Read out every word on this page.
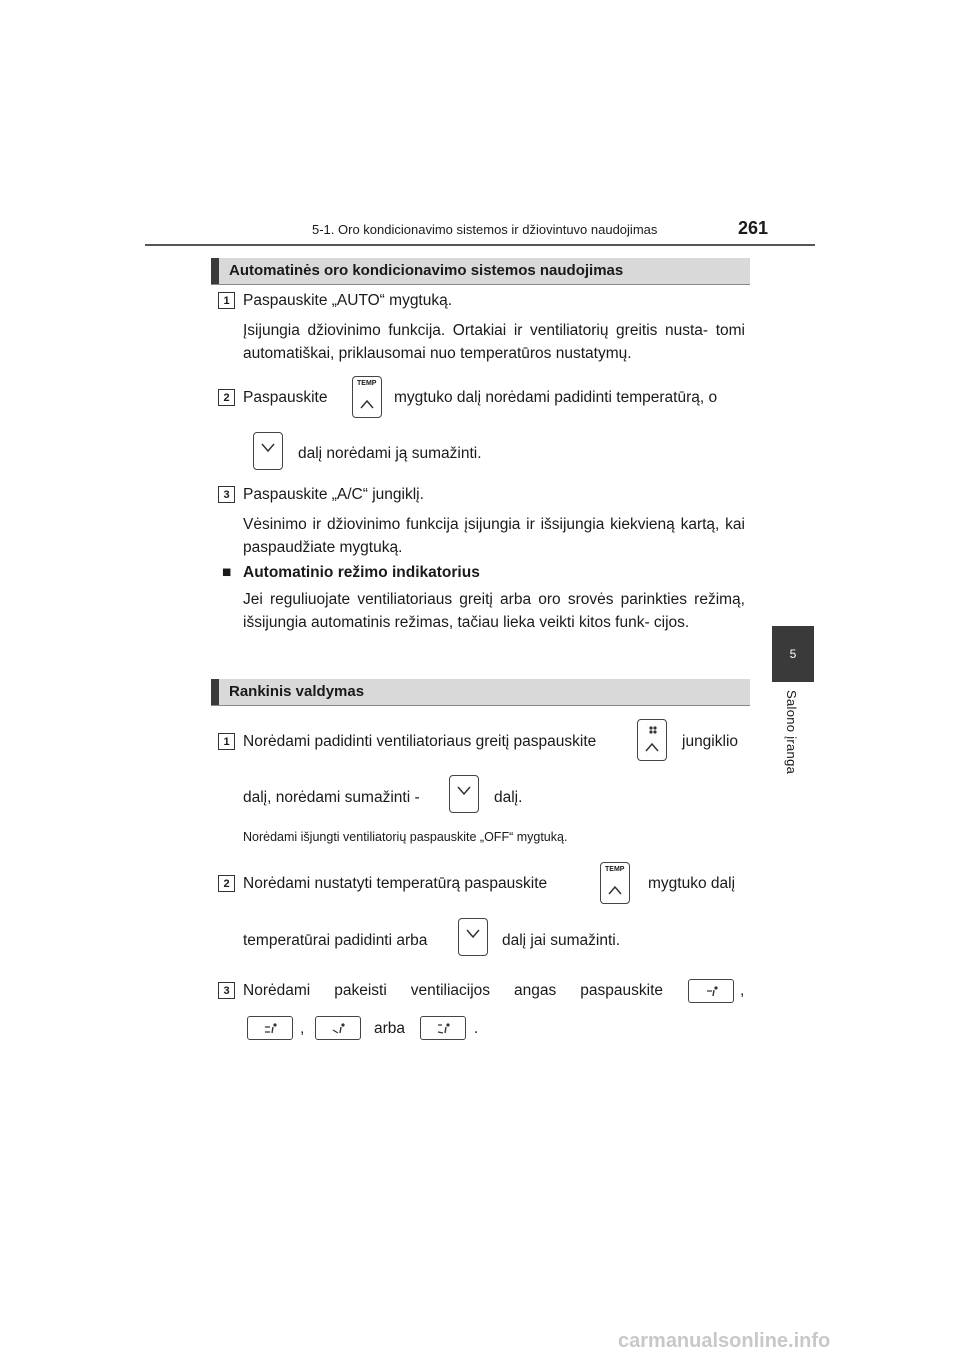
5-1. Oro kondicionavimo sistemos ir džiovintuvo naudojimas	261
5
Salono įranga
Automatinės oro kondicionavimo sistemos naudojimas
1 Paspauskite „AUTO“ mygtuką.
Įsijungia džiovinimo funkcija. Ortakiai ir ventiliatorių greitis nusta- tomi automatiškai, priklausomai nuo temperatūros nustatymų.
2 Paspauskite
TEMP
mygtuko dalį norėdami padidinti temperatūrą, o
dalį norėdami ją sumažinti.
3 Paspauskite „A/C“ jungiklį.
Vėsinimo ir džiovinimo funkcija įsijungia ir išsijungia kiekvieną kartą, kai paspaudžiate mygtuką.
■ Automatinio režimo indikatorius
Jei reguliuojate ventiliatoriaus greitį arba oro srovės parinkties režimą, išsijungia automatinis režimas, tačiau lieka veikti kitos funk- cijos.
Rankinis valdymas
1 Norėdami padidinti ventiliatoriaus greitį paspauskite	jungiklio
dalį, norėdami sumažinti -	dalį.
Norėdami išjungti ventiliatorių paspauskite „OFF“ mygtuką.
2 Norėdami nustatyti temperatūrą paspauskite
TEMP
mygtuko dalį
temperatūrai padidinti arba	dalį jai sumažinti.
3 Norėdami pakeisti ventiliacijos angas paspauskite	,
,	arba	.
carmanualsonline.info
